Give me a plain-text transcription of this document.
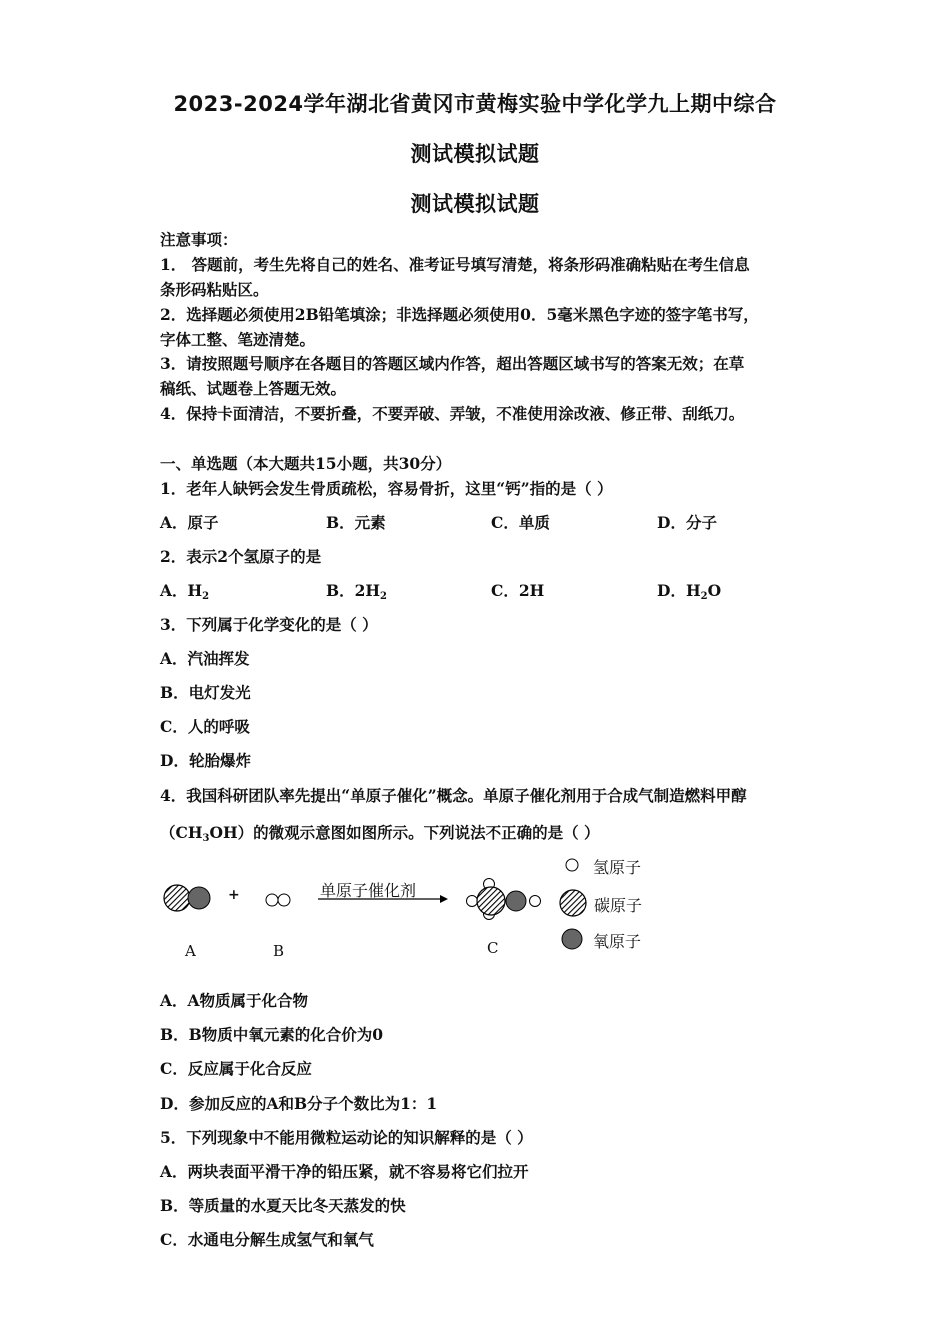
2023-2024学年湖北省黄冈市黄梅实验中学化学九上期中综合
测试模拟试题
测试模拟试题
注意事项：
1． 答题前，考生先将自己的姓名、准考证号填写清楚，将条形码准确粘贴在考生信息
条形码粘贴区。
2．选择题必须使用2B铅笔填涂；非选择题必须使用0．5毫米黑色字迹的签字笔书写，
字体工整、笔迹清楚。
3．请按照题号顺序在各题目的答题区域内作答，超出答题区域书写的答案无效；在草
稿纸、试题卷上答题无效。
4．保持卡面清洁，不要折叠，不要弄破、弄皱，不准使用涂改液、修正带、刮纸刀。
一、单选题（本大题共15小题，共30分）
1．老年人缺钙会发生骨质疏松，容易骨折，这里“钙”指的是（ ）
A．原子	B．元素	C．单质	D．分子
2．表示2个氢原子的是
A．$H_2$	B．$2H_2$	C．2H	D．$H_2O$
3．下列属于化学变化的是（ ）
A．汽油挥发
B．电灯发光
C．人的呼吸
D．轮胎爆炸
4．我国科研团队率先提出“单原子催化”概念。单原子催化剂用于合成气制造燃料甲醇
$(CH_3OH)$的微观示意图如图所示。下列说法不正确的是（ ）
+	单原子催化剂
A	B	C
氢原子
碳原子
氧原子
A．A物质属于化合物
B．B物质中氧元素的化合价为0
C．反应属于化合反应
D．参加反应的A和B分子个数比为1：1
5．下列现象中不能用微粒运动论的知识解释的是（ ）
A．两块表面平滑干净的铅压紧，就不容易将它们拉开
B．等质量的水夏天比冬天蒸发的快
C．水通电分解生成氢气和氧气
